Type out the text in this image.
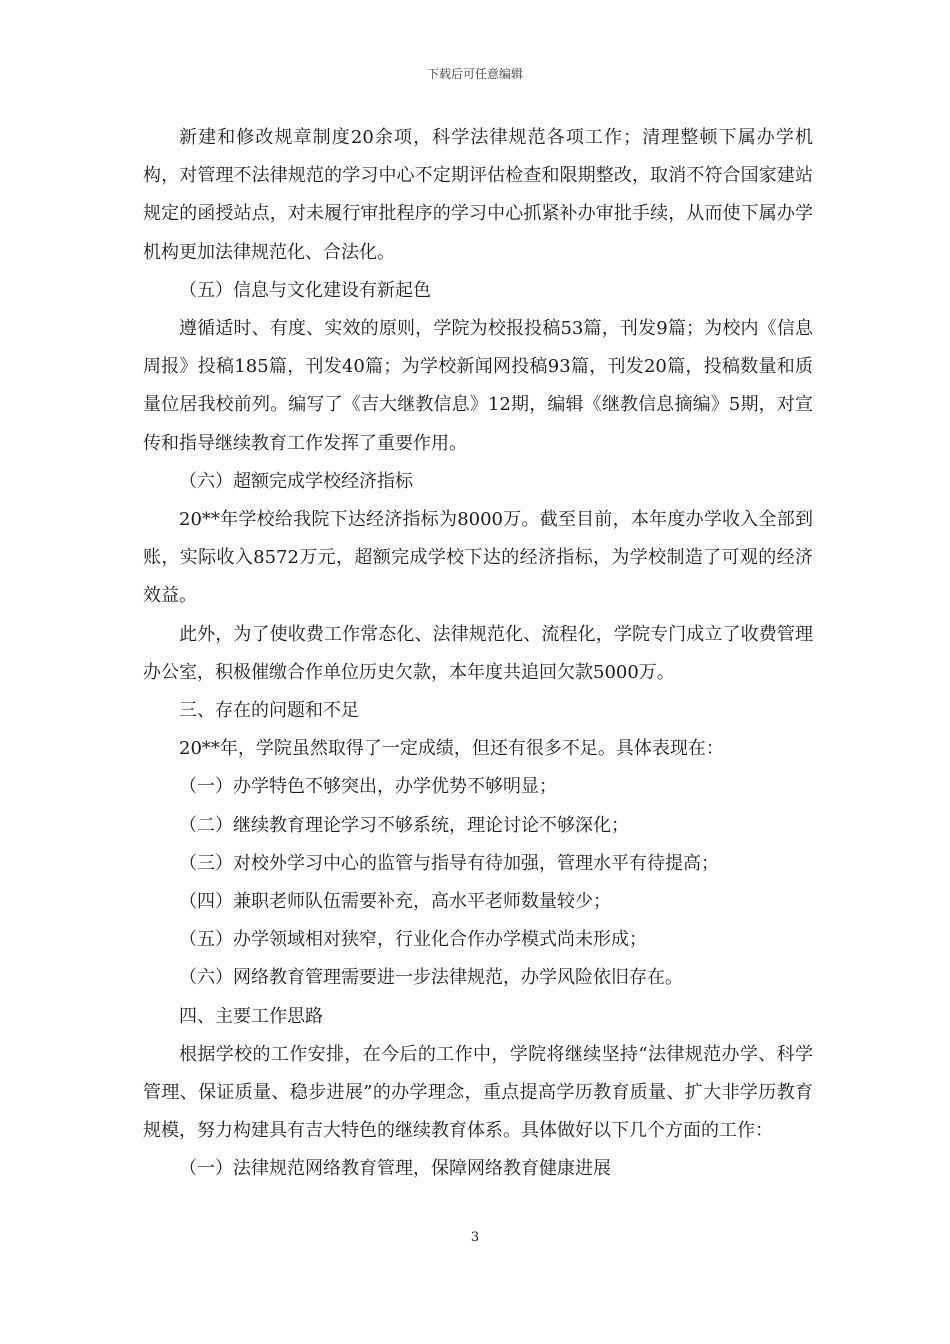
下载后可任意编辑

新建和修改规章制度20余项，科学法律规范各项工作；清理整顿下属办学机构，对管理不法律规范的学习中心不定期评估检查和限期整改，取消不符合国家建站规定的函授站点，对未履行审批程序的学习中心抓紧补办审批手续，从而使下属办学机构更加法律规范化、合法化。

（五）信息与文化建设有新起色

遵循适时、有度、实效的原则，学院为校报投稿53篇，刊发9篇；为校内《信息周报》投稿185篇，刊发40篇；为学校新闻网投稿93篇，刊发20篇，投稿数量和质量位居我校前列。编写了《吉大继教信息》12期，编辑《继教信息摘编》5期，对宣传和指导继续教育工作发挥了重要作用。

（六）超额完成学校经济指标

20**年学校给我院下达经济指标为8000万。截至目前，本年度办学收入全部到账，实际收入8572万元，超额完成学校下达的经济指标，为学校制造了可观的经济效益。

此外，为了使收费工作常态化、法律规范化、流程化，学院专门成立了收费管理办公室，积极催缴合作单位历史欠款，本年度共追回欠款5000万。

三、存在的问题和不足

20**年，学院虽然取得了一定成绩，但还有很多不足。具体表现在：

（一）办学特色不够突出，办学优势不够明显；

（二）继续教育理论学习不够系统，理论讨论不够深化；

（三）对校外学习中心的监管与指导有待加强，管理水平有待提高；

（四）兼职老师队伍需要补充，高水平老师数量较少；

（五）办学领域相对狭窄，行业化合作办学模式尚未形成；

（六）网络教育管理需要进一步法律规范，办学风险依旧存在。

四、主要工作思路

根据学校的工作安排，在今后的工作中，学院将继续坚持“法律规范办学、科学管理、保证质量、稳步进展”的办学理念，重点提高学历教育质量、扩大非学历教育规模，努力构建具有吉大特色的继续教育体系。具体做好以下几个方面的工作：

（一）法律规范网络教育管理，保障网络教育健康进展

3
